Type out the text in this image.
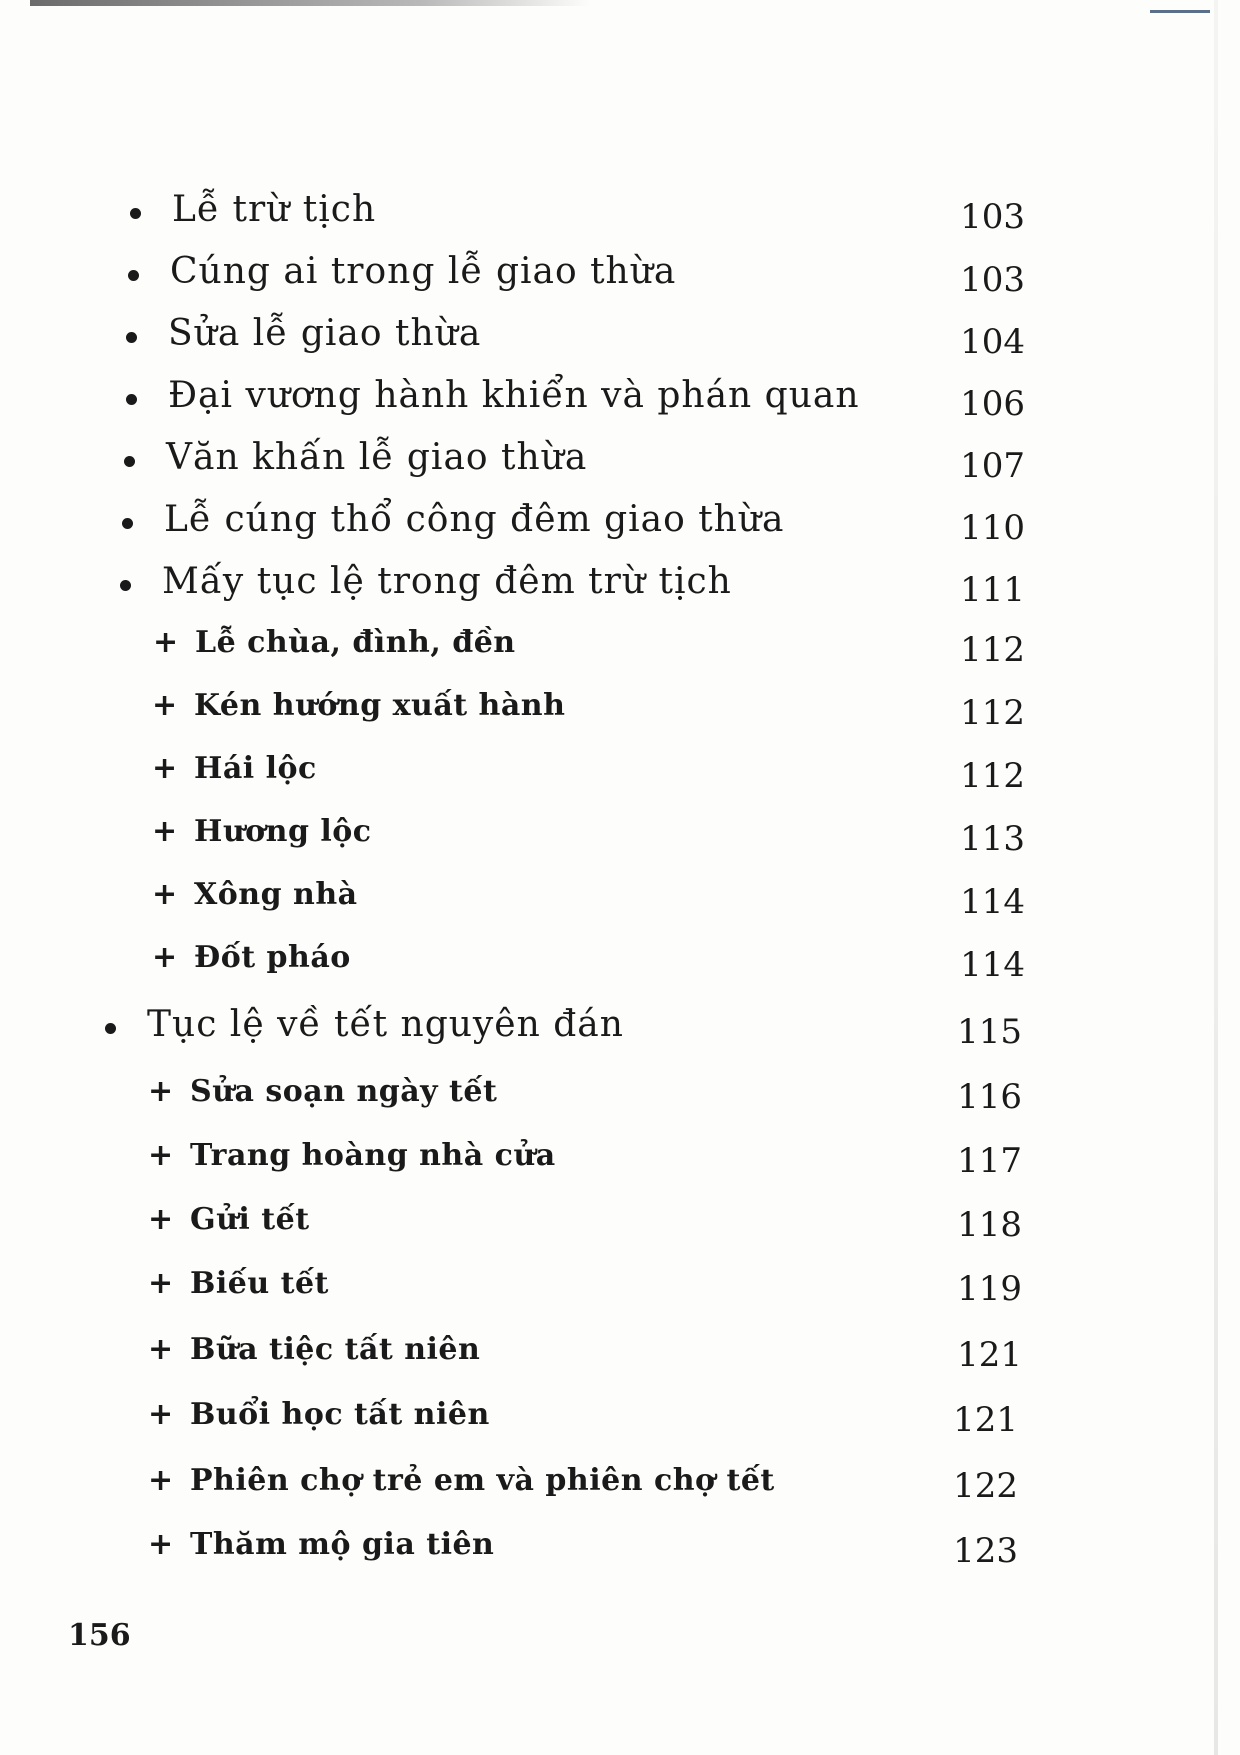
Lễ trừ tịch	103
Cúng ai trong lễ giao thừa	103
Sửa lễ giao thừa	104
Đại vương hành khiển và phán quan	106
Văn khấn lễ giao thừa	107
Lễ cúng thổ công đêm giao thừa	110
Mấy tục lệ trong đêm trừ tịch	111
+ Lễ chùa, đình, đền	112
+ Kén hướng xuất hành	112
+ Hái lộc	112
+ Hương lộc	113
+ Xông nhà	114
+ Đốt pháo	114
Tục lệ về tết nguyên đán	115
+ Sửa soạn ngày tết	116
+ Trang hoàng nhà cửa	117
+ Gửi tết	118
+ Biếu tết	119
+ Bữa tiệc tất niên	121
+ Buổi học tất niên	121
+ Phiên chợ trẻ em và phiên chợ tết	122
+ Thăm mộ gia tiên	123
156
